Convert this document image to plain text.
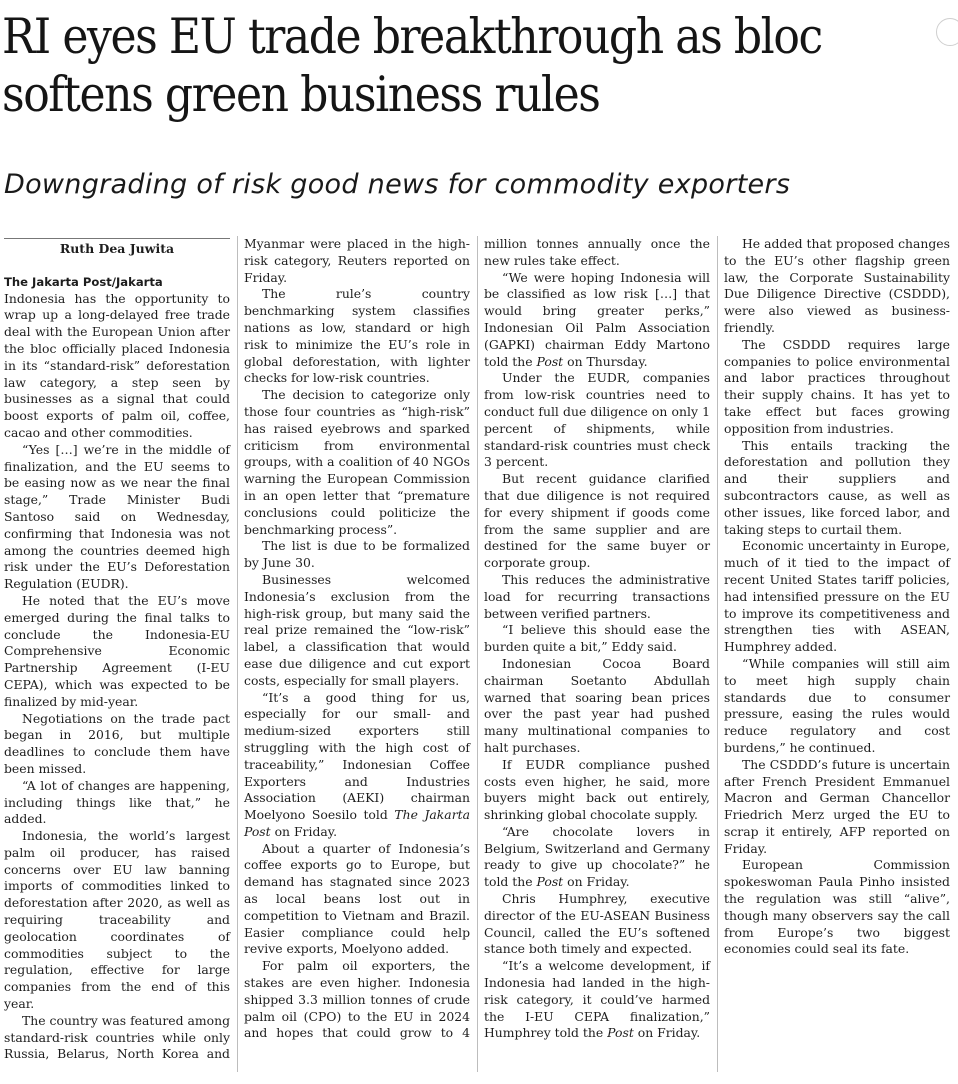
RI eyes EU trade breakthrough as bloc softens green business rules
Downgrading of risk good news for commodity exporters
Ruth Dea Juwita
The Jakarta Post/Jakarta

Indonesia has the opportunity to wrap up a long-delayed free trade deal with the European Union after the bloc officially placed Indonesia in its “standard-risk” deforestation law category, a step seen by businesses as a signal that could boost exports of palm oil, coffee, cacao and other commodities.

“Yes […] we’re in the middle of finalization, and the EU seems to be easing now as we near the final stage,” Trade Minister Budi Santoso said on Wednesday, confirming that Indonesia was not among the countries deemed high risk under the EU’s Deforestation Regulation (EUDR).

He noted that the EU’s move emerged during the final talks to conclude the Indonesia-EU Comprehensive Economic Partnership Agreement (I-EU CEPA), which was expected to be finalized by mid-year.

Negotiations on the trade pact began in 2016, but multiple deadlines to conclude them have been missed.

“A lot of changes are happening, including things like that,” he added.

Indonesia, the world’s largest palm oil producer, has raised concerns over EU law banning imports of commodities linked to deforestation after 2020, as well as requiring traceability and geolocation coordinates of commodities subject to the regulation, effective for large companies from the end of this year.

The country was featured among standard-risk countries while only Russia, Belarus, North Korea and Myanmar were placed in the high-risk category, Reuters reported on Friday.

The rule’s country benchmarking system classifies nations as low, standard or high risk to minimize the EU’s role in global deforestation, with lighter checks for low-risk countries.

The decision to categorize only those four countries as “high-risk” has raised eyebrows and sparked criticism from environmental groups, with a coalition of 40 NGOs warning the European Commission in an open letter that “premature conclusions could politicize the benchmarking process”.

The list is due to be formalized by June 30.

Businesses welcomed Indonesia’s exclusion from the high-risk group, but many said the real prize remained the “low-risk” label, a classification that would ease due diligence and cut export costs, especially for small players.

“It’s a good thing for us, especially for our small- and medium-sized exporters still struggling with the high cost of traceability,” Indonesian Coffee Exporters and Industries Association (AEKI) chairman Moelyono Soesilo told The Jakarta Post on Friday.

About a quarter of Indonesia’s coffee exports go to Europe, but demand has stagnated since 2023 as local beans lost out in competition to Vietnam and Brazil. Easier compliance could help revive exports, Moelyono added.

For palm oil exporters, the stakes are even higher. Indonesia shipped 3.3 million tonnes of crude palm oil (CPO) to the EU in 2024 and hopes that could grow to 4 million tonnes annually once the new rules take effect.

“We were hoping Indonesia will be classified as low risk […] that would bring greater perks,” Indonesian Oil Palm Association (GAPKI) chairman Eddy Martono told the Post on Thursday.

Under the EUDR, companies from low-risk countries need to conduct full due diligence on only 1 percent of shipments, while standard-risk countries must check 3 percent.

But recent guidance clarified that due diligence is not required for every shipment if goods come from the same supplier and are destined for the same buyer or corporate group.

This reduces the administrative load for recurring transactions between verified partners.

“I believe this should ease the burden quite a bit,” Eddy said.

Indonesian Cocoa Board chairman Soetanto Abdullah warned that soaring bean prices over the past year had pushed many multinational companies to halt purchases.

If EUDR compliance pushed costs even higher, he said, more buyers might back out entirely, shrinking global chocolate supply.

“Are chocolate lovers in Belgium, Switzerland and Germany ready to give up chocolate?” he told the Post on Friday.

Chris Humphrey, executive director of the EU-ASEAN Business Council, called the EU’s softened stance both timely and expected.

“It’s a welcome development, if Indonesia had landed in the high-risk category, it could’ve harmed the I-EU CEPA finalization,” Humphrey told the Post on Friday.

He added that proposed changes to the EU’s other flagship green law, the Corporate Sustainability Due Diligence Directive (CSDDD), were also viewed as business-friendly.

The CSDDD requires large companies to police environmental and labor practices throughout their supply chains. It has yet to take effect but faces growing opposition from industries.

This entails tracking the deforestation and pollution they and their suppliers and subcontractors cause, as well as other issues, like forced labor, and taking steps to curtail them.

Economic uncertainty in Europe, much of it tied to the impact of recent United States tariff policies, had intensified pressure on the EU to improve its competitiveness and strengthen ties with ASEAN, Humphrey added.

“While companies will still aim to meet high supply chain standards due to consumer pressure, easing the rules would reduce regulatory and cost burdens,” he continued.

The CSDDD’s future is uncertain after French President Emmanuel Macron and German Chancellor Friedrich Merz urged the EU to scrap it entirely, AFP reported on Friday.

European Commission spokeswoman Paula Pinho insisted the regulation was still “alive”, though many observers say the call from Europe’s two biggest economies could seal its fate.
